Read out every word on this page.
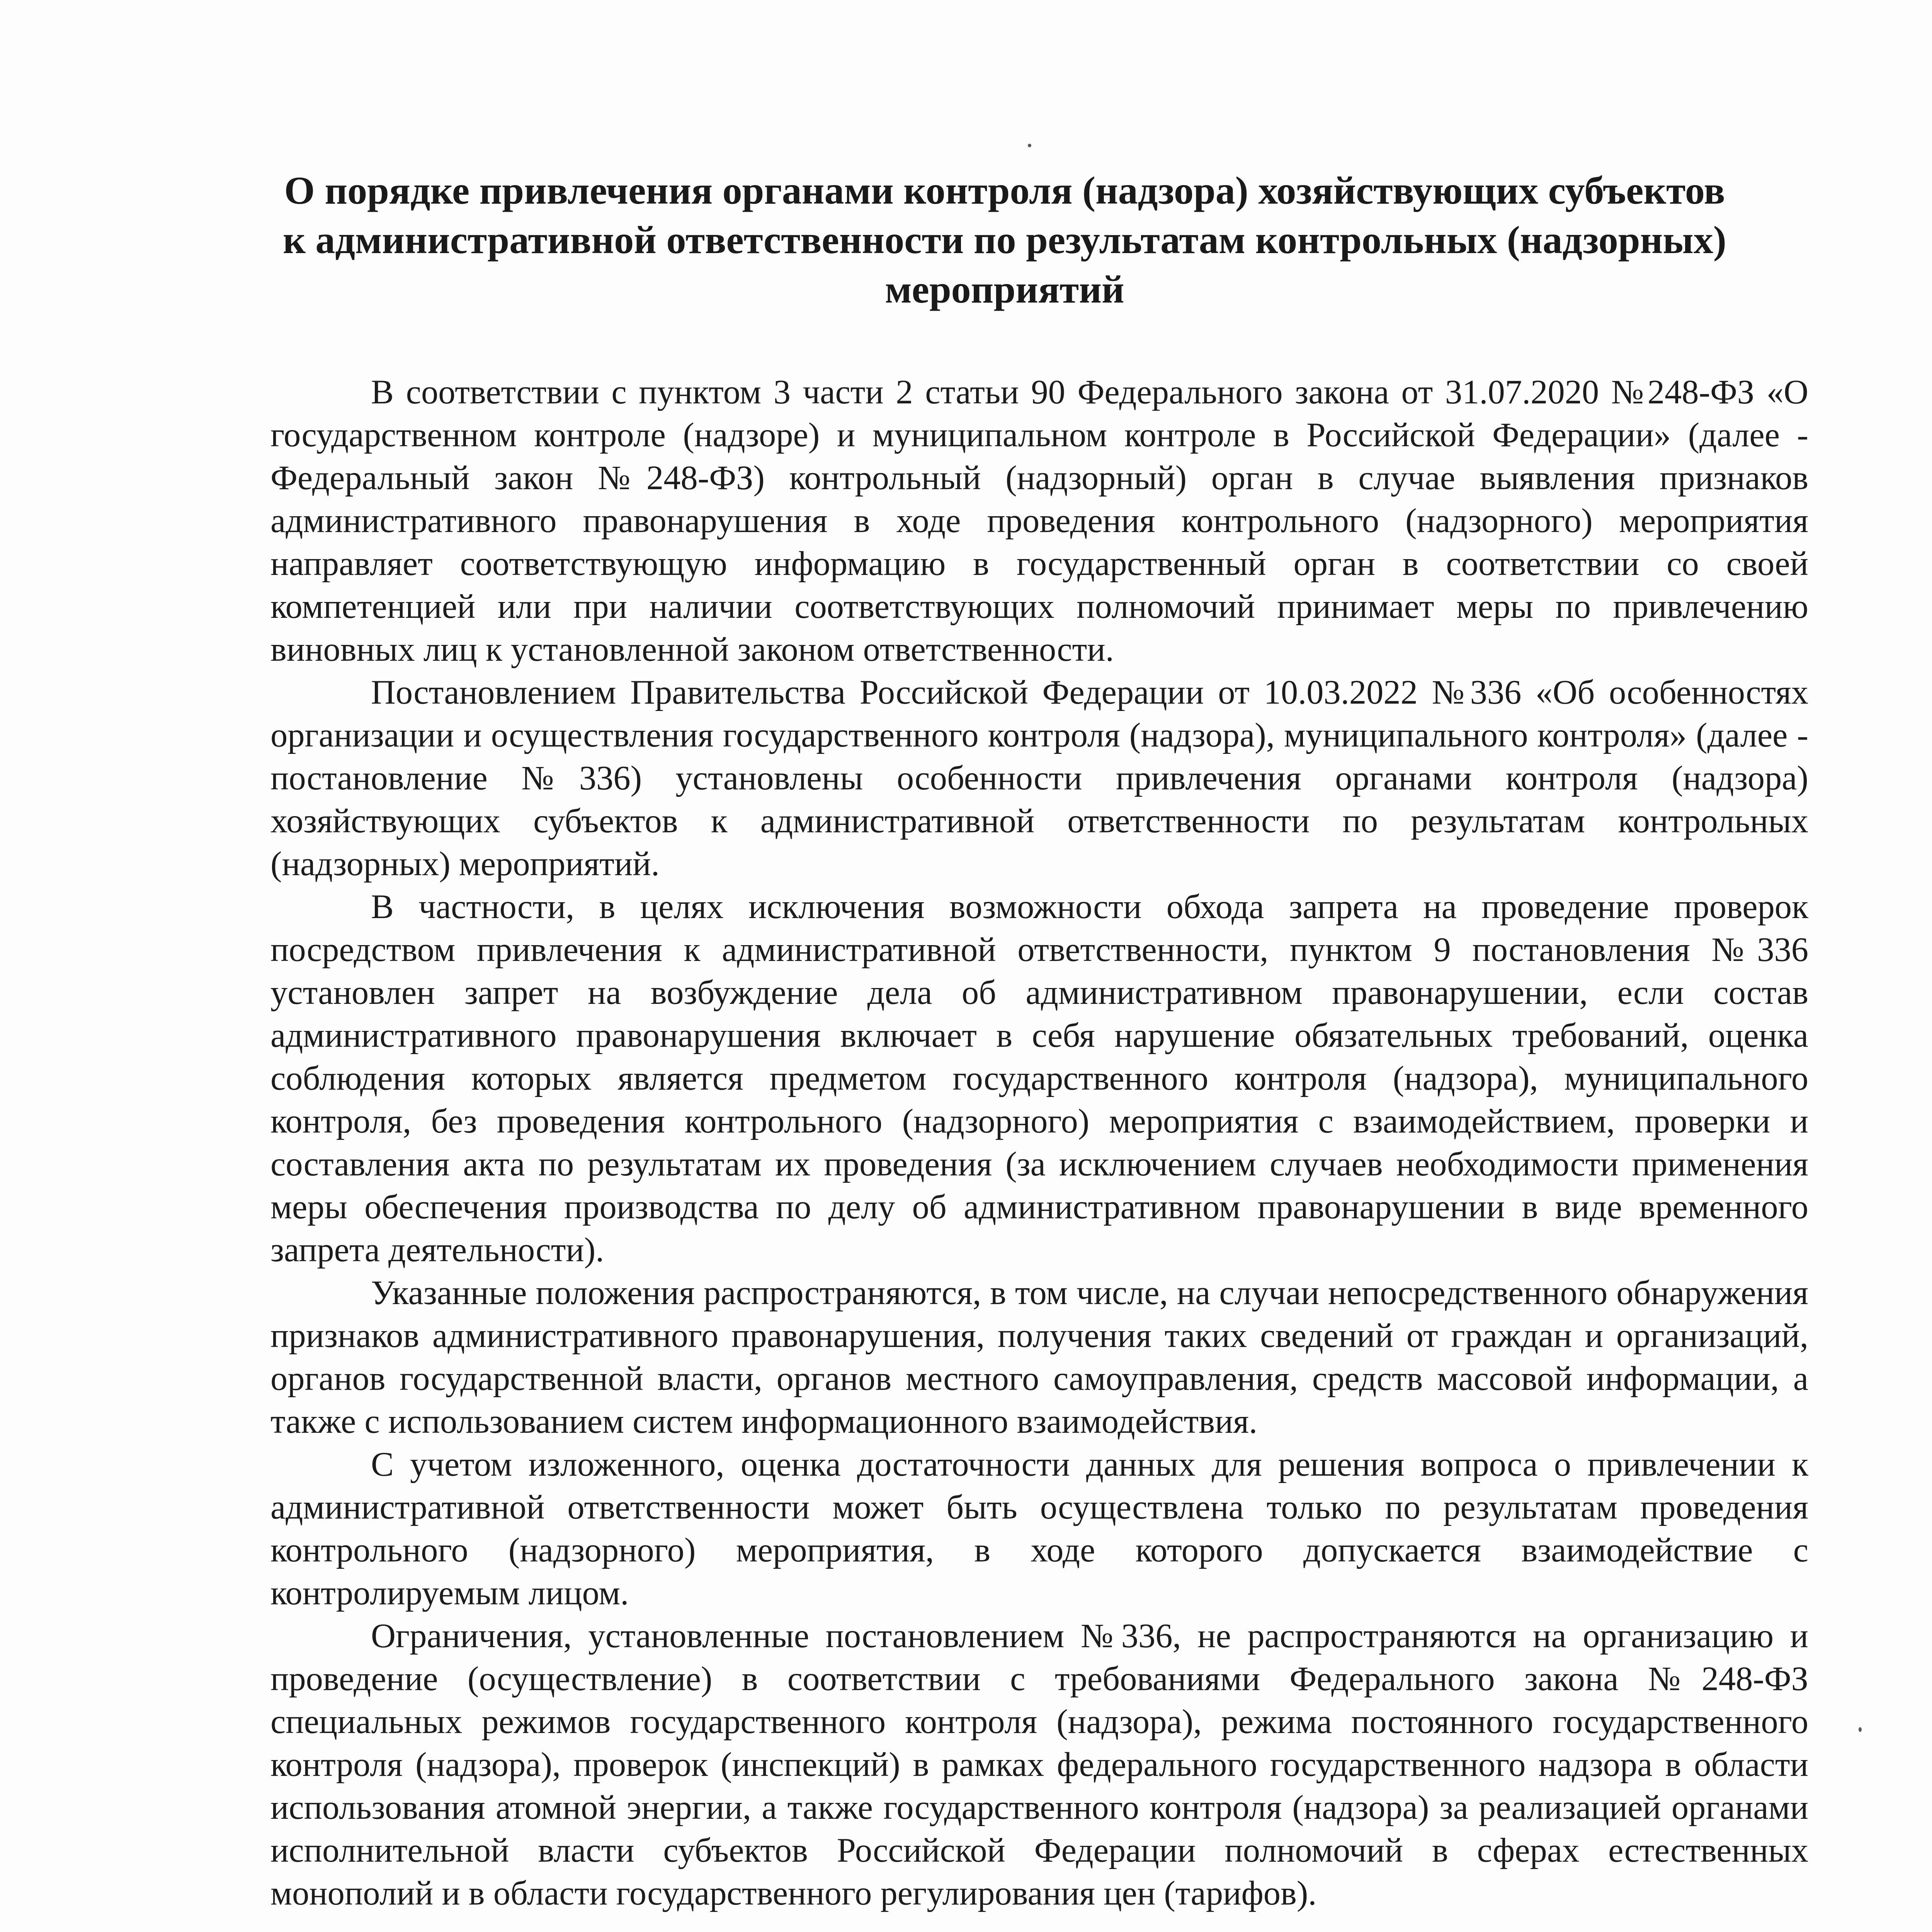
О порядке привлечения органами контроля (надзора) хозяйствующих субъектов к административной ответственности по результатам контрольных (надзорных) мероприятий

В соответствии с пунктом 3 части 2 статьи 90 Федерального закона от 31.07.2020 №248-ФЗ «О государственном контроле (надзоре) и муниципальном контроле в Российской Федерации» (далее - Федеральный закон №248-ФЗ) контрольный (надзорный) орган в случае выявления признаков административного правонарушения в ходе проведения контрольного (надзорного) мероприятия направляет соответствующую информацию в государственный орган в соответствии со своей компетенцией или при наличии соответствующих полномочий принимает меры по привлечению виновных лиц к установленной законом ответственности.

Постановлением Правительства Российской Федерации от 10.03.2022 №336 «Об особенностях организации и осуществления государственного контроля (надзора), муниципального контроля» (далее - постановление №336) установлены особенности привлечения органами контроля (надзора) хозяйствующих субъектов к административной ответственности по результатам контрольных (надзорных) мероприятий.

В частности, в целях исключения возможности обхода запрета на проведение проверок посредством привлечения к административной ответственности, пунктом 9 постановления №336 установлен запрет на возбуждение дела об административном правонарушении, если состав административного правонарушения включает в себя нарушение обязательных требований, оценка соблюдения которых является предметом государственного контроля (надзора), муниципального контроля, без проведения контрольного (надзорного) мероприятия с взаимодействием, проверки и составления акта по результатам их проведения (за исключением случаев необходимости применения меры обеспечения производства по делу об административном правонарушении в виде временного запрета деятельности).

Указанные положения распространяются, в том числе, на случаи непосредственного обнаружения признаков административного правонарушения, получения таких сведений от граждан и организаций, органов государственной власти, органов местного самоуправления, средств массовой информации, а также с использованием систем информационного взаимодействия.

С учетом изложенного, оценка достаточности данных для решения вопроса о привлечении к административной ответственности может быть осуществлена только по результатам проведения контрольного (надзорного) мероприятия, в ходе которого допускается взаимодействие с контролируемым лицом.

Ограничения, установленные постановлением №336, не распространяются на организацию и проведение (осуществление) в соответствии с требованиями Федерального закона №248-ФЗ специальных режимов государственного контроля (надзора), режима постоянного государственного контроля (надзора), проверок (инспекций) в рамках федерального государственного надзора в области использования атомной энергии, а также государственного контроля (надзора) за реализацией органами исполнительной власти субъектов Российской Федерации полномочий в сферах естественных монополий и в области государственного регулирования цен (тарифов).
